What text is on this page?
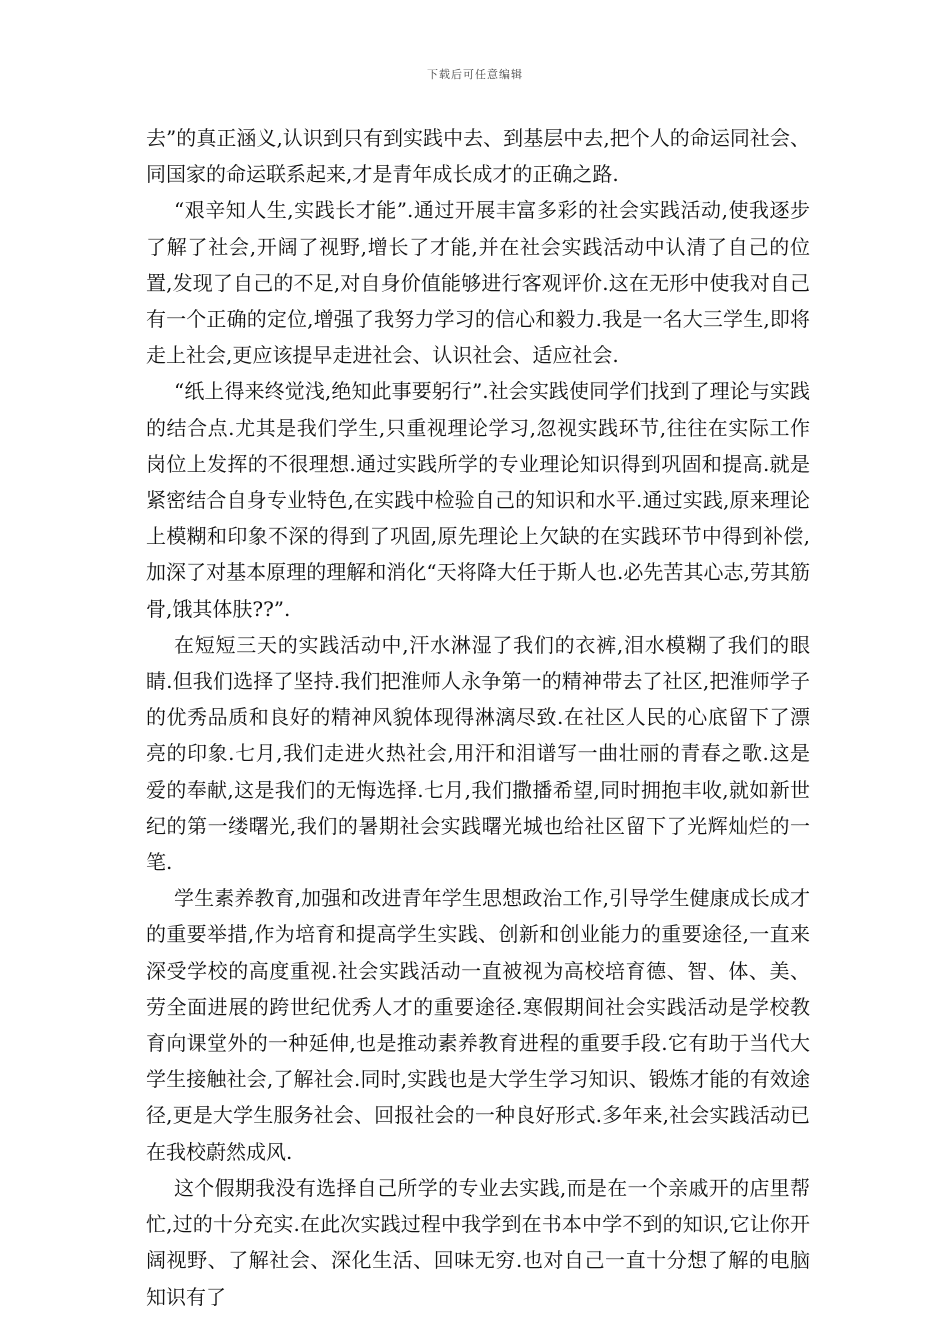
下载后可任意编辑

去”的真正涵义,认识到只有到实践中去、到基层中去,把个人的命运同社会、同国家的命运联系起来,才是青年成长成才的正确之路.

“艰辛知人生,实践长才能”.通过开展丰富多彩的社会实践活动,使我逐步了解了社会,开阔了视野,增长了才能,并在社会实践活动中认清了自己的位置,发现了自己的不足,对自身价值能够进行客观评价.这在无形中使我对自己有一个正确的定位,增强了我努力学习的信心和毅力.我是一名大三学生,即将走上社会,更应该提早走进社会、认识社会、适应社会.

“纸上得来终觉浅,绝知此事要躬行”.社会实践使同学们找到了理论与实践的结合点.尤其是我们学生,只重视理论学习,忽视实践环节,往往在实际工作岗位上发挥的不很理想.通过实践所学的专业理论知识得到巩固和提高.就是紧密结合自身专业特色,在实践中检验自己的知识和水平.通过实践,原来理论上模糊和印象不深的得到了巩固,原先理论上欠缺的在实践环节中得到补偿,加深了对基本原理的理解和消化“天将降大任于斯人也.必先苦其心志,劳其筋骨,饿其体肤??”.

在短短三天的实践活动中,汗水淋湿了我们的衣裤,泪水模糊了我们的眼睛.但我们选择了坚持.我们把淮师人永争第一的精神带去了社区,把淮师学子的优秀品质和良好的精神风貌体现得淋漓尽致.在社区人民的心底留下了漂亮的印象.七月,我们走进火热社会,用汗和泪谱写一曲壮丽的青春之歌.这是爱的奉献,这是我们的无悔选择.七月,我们撒播希望,同时拥抱丰收,就如新世纪的第一缕曙光,我们的暑期社会实践曙光城也给社区留下了光辉灿烂的一笔.

学生素养教育,加强和改进青年学生思想政治工作,引导学生健康成长成才的重要举措,作为培育和提高学生实践、创新和创业能力的重要途径,一直来深受学校的高度重视.社会实践活动一直被视为高校培育德、智、体、美、劳全面进展的跨世纪优秀人才的重要途径.寒假期间社会实践活动是学校教育向课堂外的一种延伸,也是推动素养教育进程的重要手段.它有助于当代大学生接触社会,了解社会.同时,实践也是大学生学习知识、锻炼才能的有效途径,更是大学生服务社会、回报社会的一种良好形式.多年来,社会实践活动已在我校蔚然成风.

这个假期我没有选择自己所学的专业去实践,而是在一个亲戚开的店里帮忙,过的十分充实.在此次实践过程中我学到在书本中学不到的知识,它让你开阔视野、了解社会、深化生活、回味无穷.也对自己一直十分想了解的电脑知识有了
